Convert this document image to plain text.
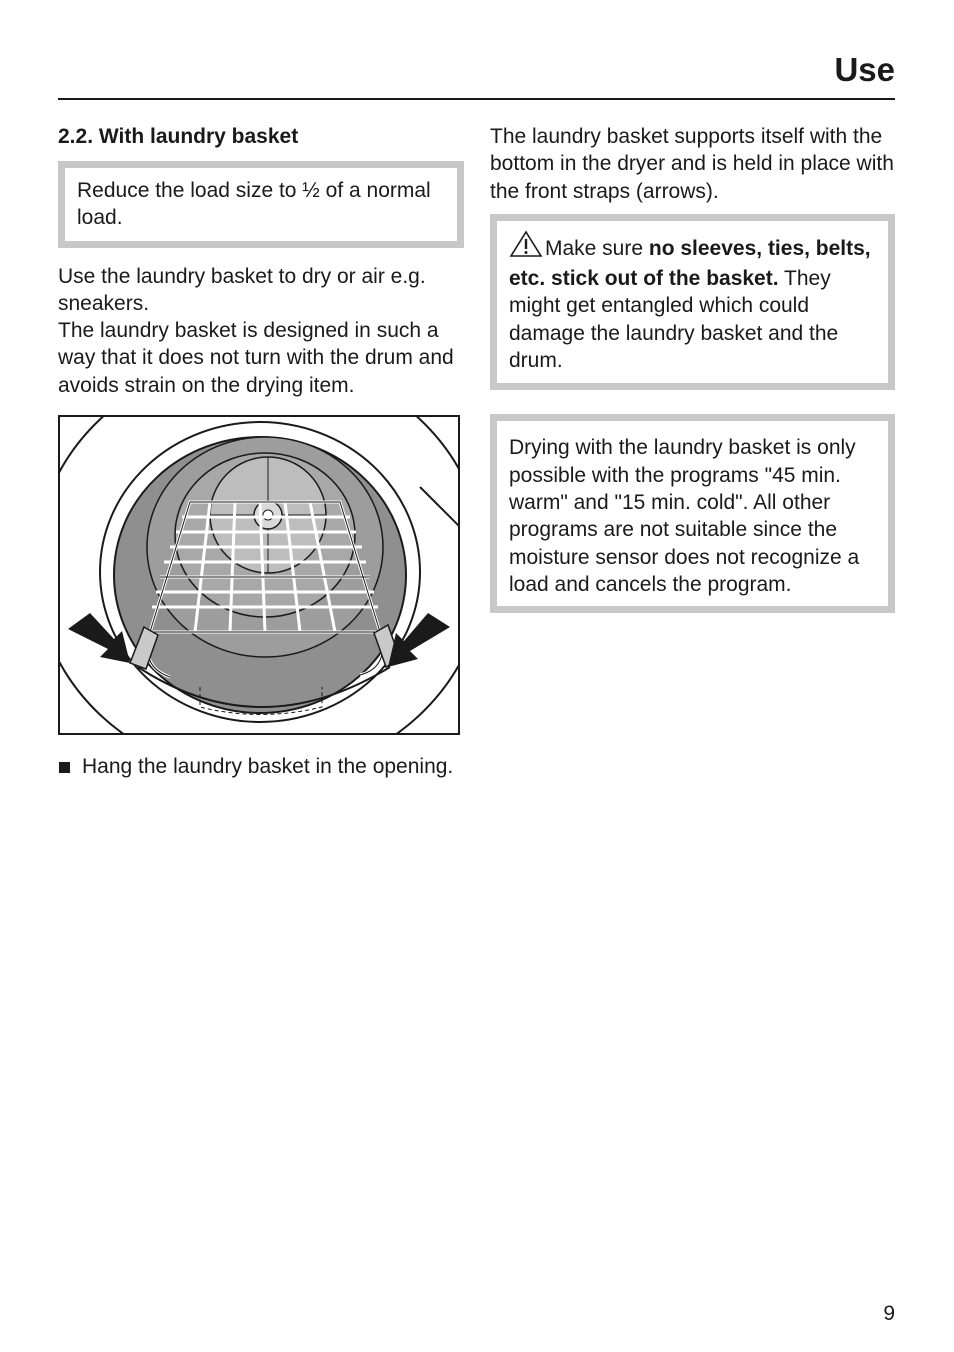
Use
2.2. With laundry basket

Reduce the load size to ½ of a normal load.

Use the laundry basket to dry or air e.g. sneakers.

The laundry basket is designed in such a way that it does not turn with the drum and avoids strain on the drying item.

Hang the laundry basket in the opening.

The laundry basket supports itself with the bottom in the dryer and is held in place with the front straps (arrows).

Make sure no sleeves, ties, belts, etc. stick out of the basket. They might get entangled which could damage the laundry basket and the drum.

Drying with the laundry basket is only possible with the programs "45 min. warm" and "15 min. cold". All other programs are not suitable since the moisture sensor does not recognize a load and cancels the program.

9
